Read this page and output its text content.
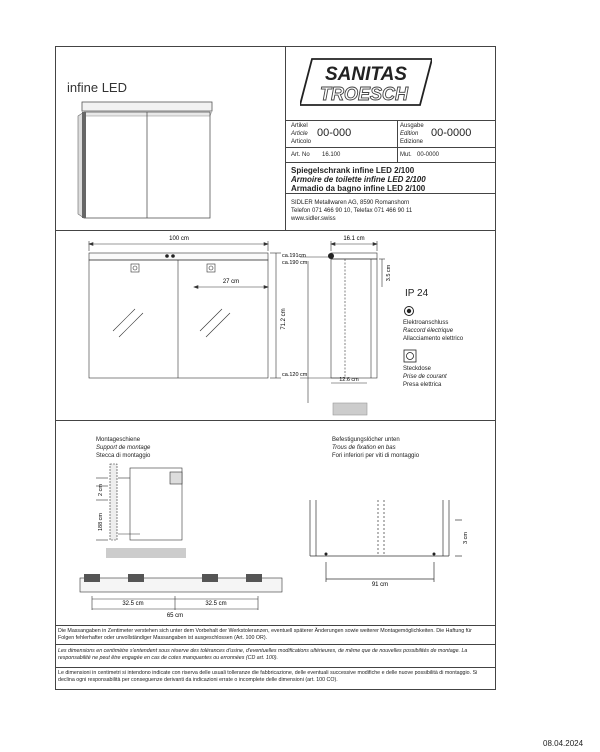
infine LED
SANITAS
TROESCH
Artikel
Article
Articolo
00-000
Ausgabe
Edition
Edizione
00-0000
Art. No 16.100	Mut. 00-0000
Spiegelschrank infine LED 2/100
Armoire de toilette infine LED 2/100
Armadio da bagno infine LED 2/100
SIDLER Metallwaren AG, 8590 Romanshorn
Telefon 071 466 90 10, Telefax 071 466 90 11
www.sidler.swiss
100 cm
27 cm
71.2 cm
ca.191cm
ca.190 cm
ca.120 cm
16.1 cm
3.5 cm
12.6 cm
IP 24
Elektroanschluss
Raccord électrique
Allacciamento elettrico
Steckdose
Prise de courant
Presa elettrica
Montageschiene
Support de montage
Stecca di montaggio
2 cm
188 cm
32.5 cm	32.5 cm
65 cm
Befestigungslöcher unten
Trous de fixation en bas
Fori inferiori per viti di montaggio
91 cm
3 cm
Die Massangaben in Zentimeter verstehen sich unter dem Vorbehalt der Werkstoleranzen, eventuell späterer Änderungen sowie weiterer Montagemöglichkeiten. Die Haftung für Folgen fehlerhafter oder unvollständiger Massangaben ist ausgeschlossen (Art. 100 OR).
Les dimensions en centimètre s'entendent sous réserve des tolérances d'usine, d'eventuelles modifications ultérieures, de même que de nouvelles possibilités de montage. La responsabilité ne peut être engagée en cas de cotes manquantes ou erronnées (CD art. 100).
Le dimensioni in centimetri si intendono indicate con riserva delle usuali tolleranze die fabbricazione, delle eventuali successive modifiche e delle nuove possibilità di montaggio. Si declina ogni responsabilità per conseguenze derivanti da indicazioni errate o incomplete delle dimensioni (art. 100 CO).
08.04.2024
